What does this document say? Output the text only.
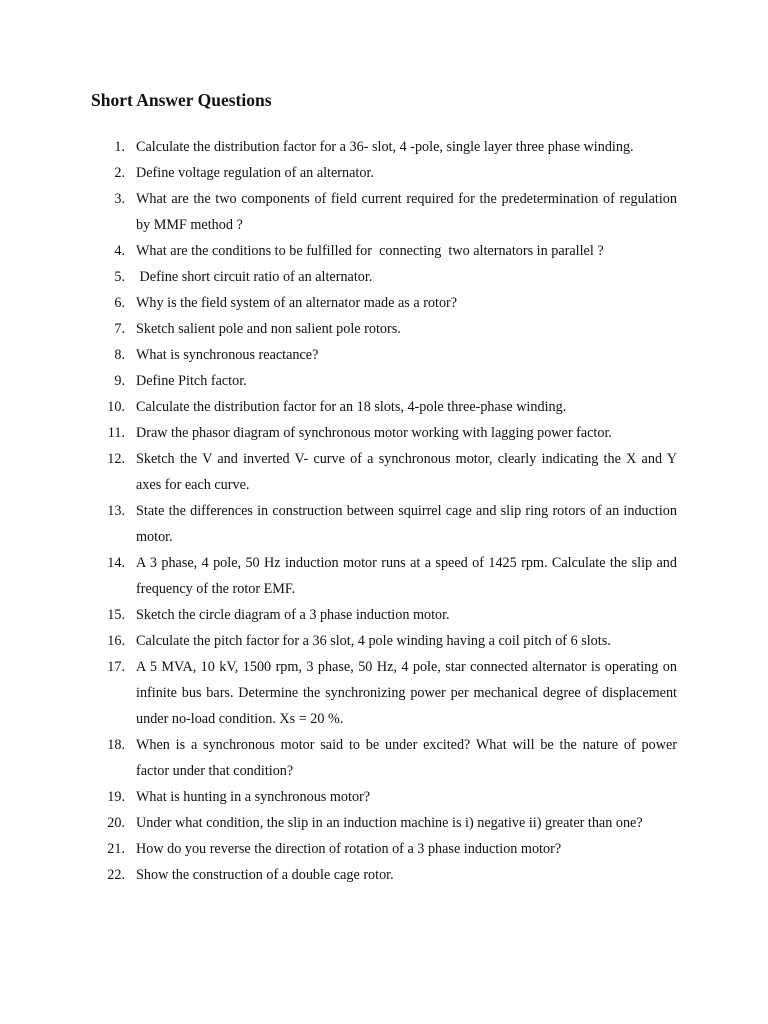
Short Answer Questions
1. Calculate the distribution factor for a 36- slot, 4 -pole, single layer three phase winding.
2. Define voltage regulation of an alternator.
3. What are the two components of field current required for the predetermination of regulation by MMF method ?
4. What are the conditions to be fulfilled for  connecting  two alternators in parallel ?
5. Define short circuit ratio of an alternator.
6. Why is the field system of an alternator made as a rotor?
7. Sketch salient pole and non salient pole rotors.
8. What is synchronous reactance?
9. Define Pitch factor.
10. Calculate the distribution factor for an 18 slots, 4-pole three-phase winding.
11. Draw the phasor diagram of synchronous motor working with lagging power factor.
12. Sketch the V and inverted V- curve of a synchronous motor, clearly indicating the X and Y axes for each curve.
13. State the differences in construction between squirrel cage and slip ring rotors of an induction motor.
14. A 3 phase, 4 pole, 50 Hz induction motor runs at a speed of 1425 rpm. Calculate the slip and frequency of the rotor EMF.
15. Sketch the circle diagram of a 3 phase induction motor.
16. Calculate the pitch factor for a 36 slot, 4 pole winding having a coil pitch of 6 slots.
17. A 5 MVA, 10 kV, 1500 rpm, 3 phase, 50 Hz, 4 pole, star connected alternator is operating on infinite bus bars. Determine the synchronizing power per mechanical degree of displacement under no-load condition. Xs = 20 %.
18. When is a synchronous motor said to be under excited? What will be the nature of power factor under that condition?
19. What is hunting in a synchronous motor?
20. Under what condition, the slip in an induction machine is i) negative ii) greater than one?
21. How do you reverse the direction of rotation of a 3 phase induction motor?
22. Show the construction of a double cage rotor.
